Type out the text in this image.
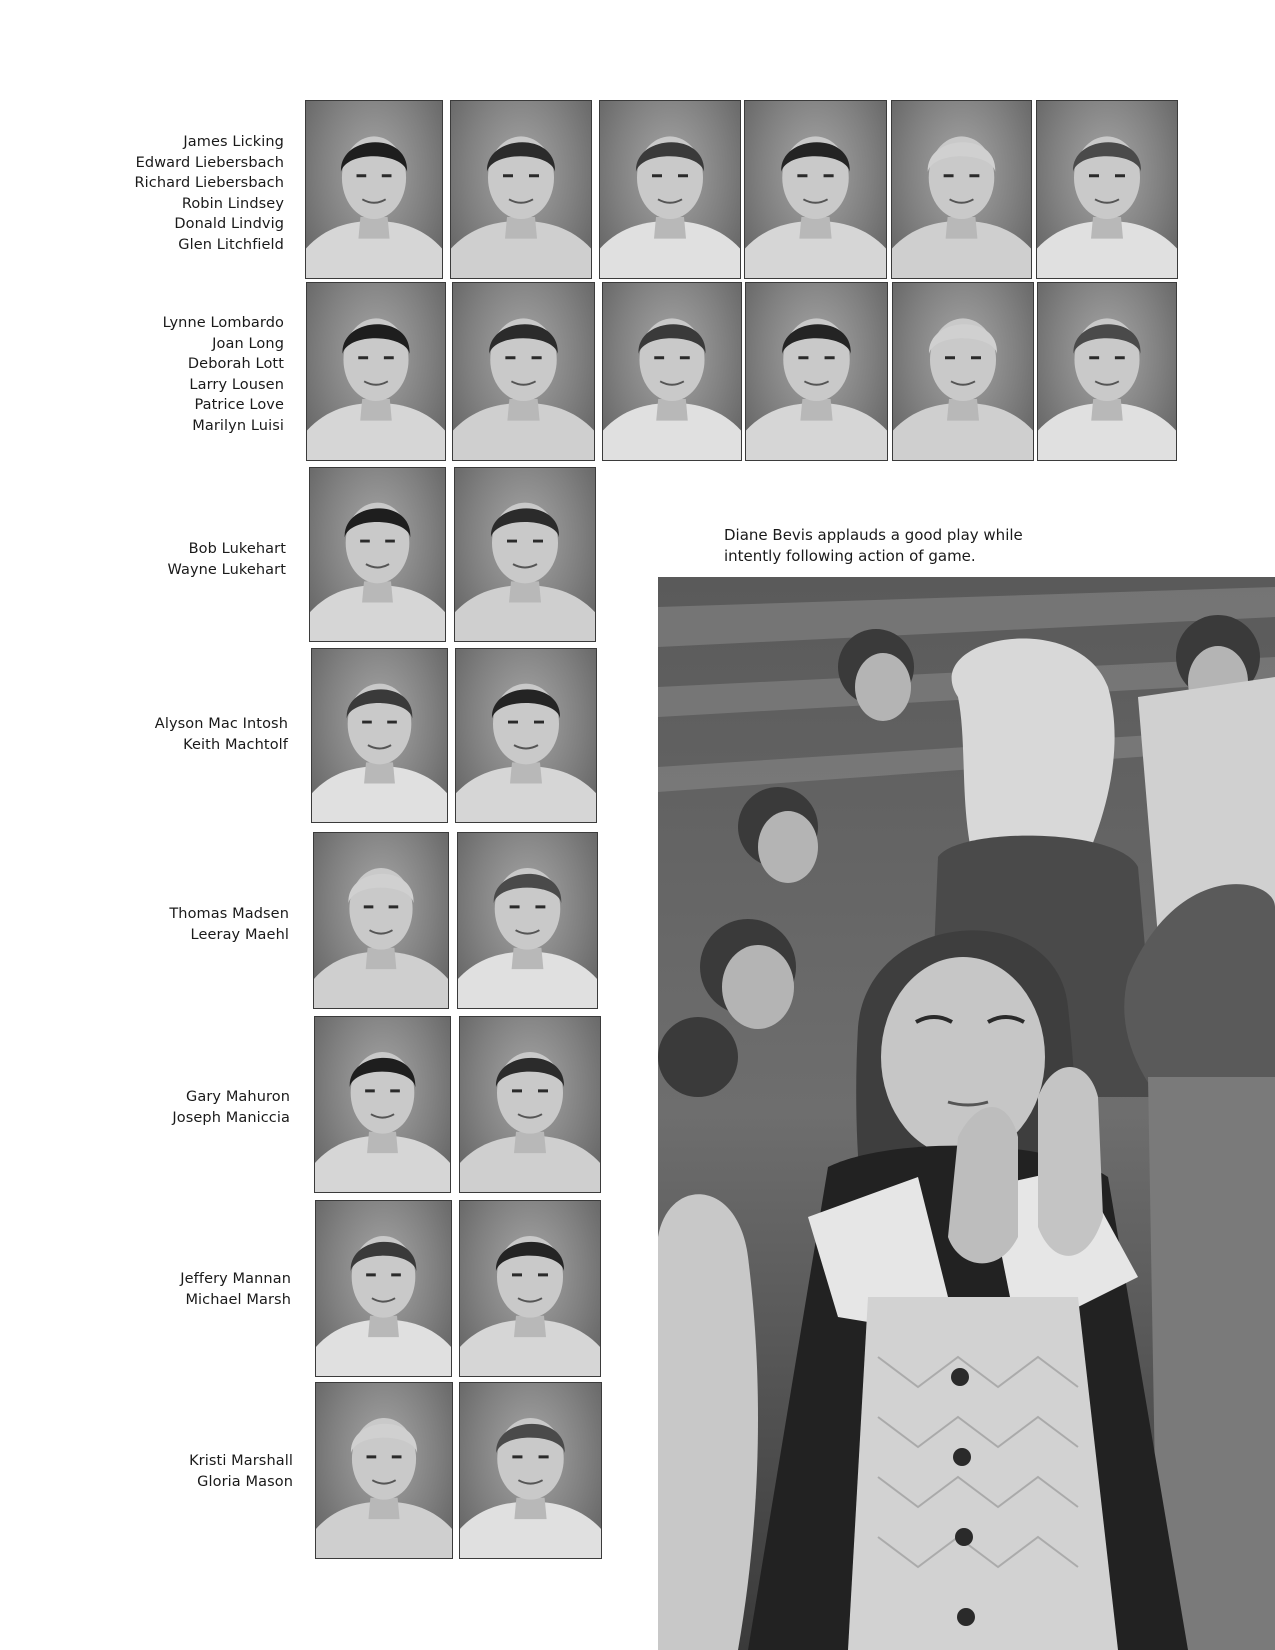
James Licking
Edward Liebersbach
Richard Liebersbach
Robin Lindsey
Donald Lindvig
Glen Litchfield
Lynne Lombardo
Joan Long
Deborah Lott
Larry Lousen
Patrice Love
Marilyn Luisi
Bob Lukehart
Wayne Lukehart
Alyson Mac Intosh
Keith Machtolf
Thomas Madsen
Leeray Maehl
Gary Mahuron
Joseph Maniccia
Jeffery Mannan
Michael Marsh
Kristi Marshall
Gloria Mason
Diane Bevis applauds a good play while
intently following action of game.
